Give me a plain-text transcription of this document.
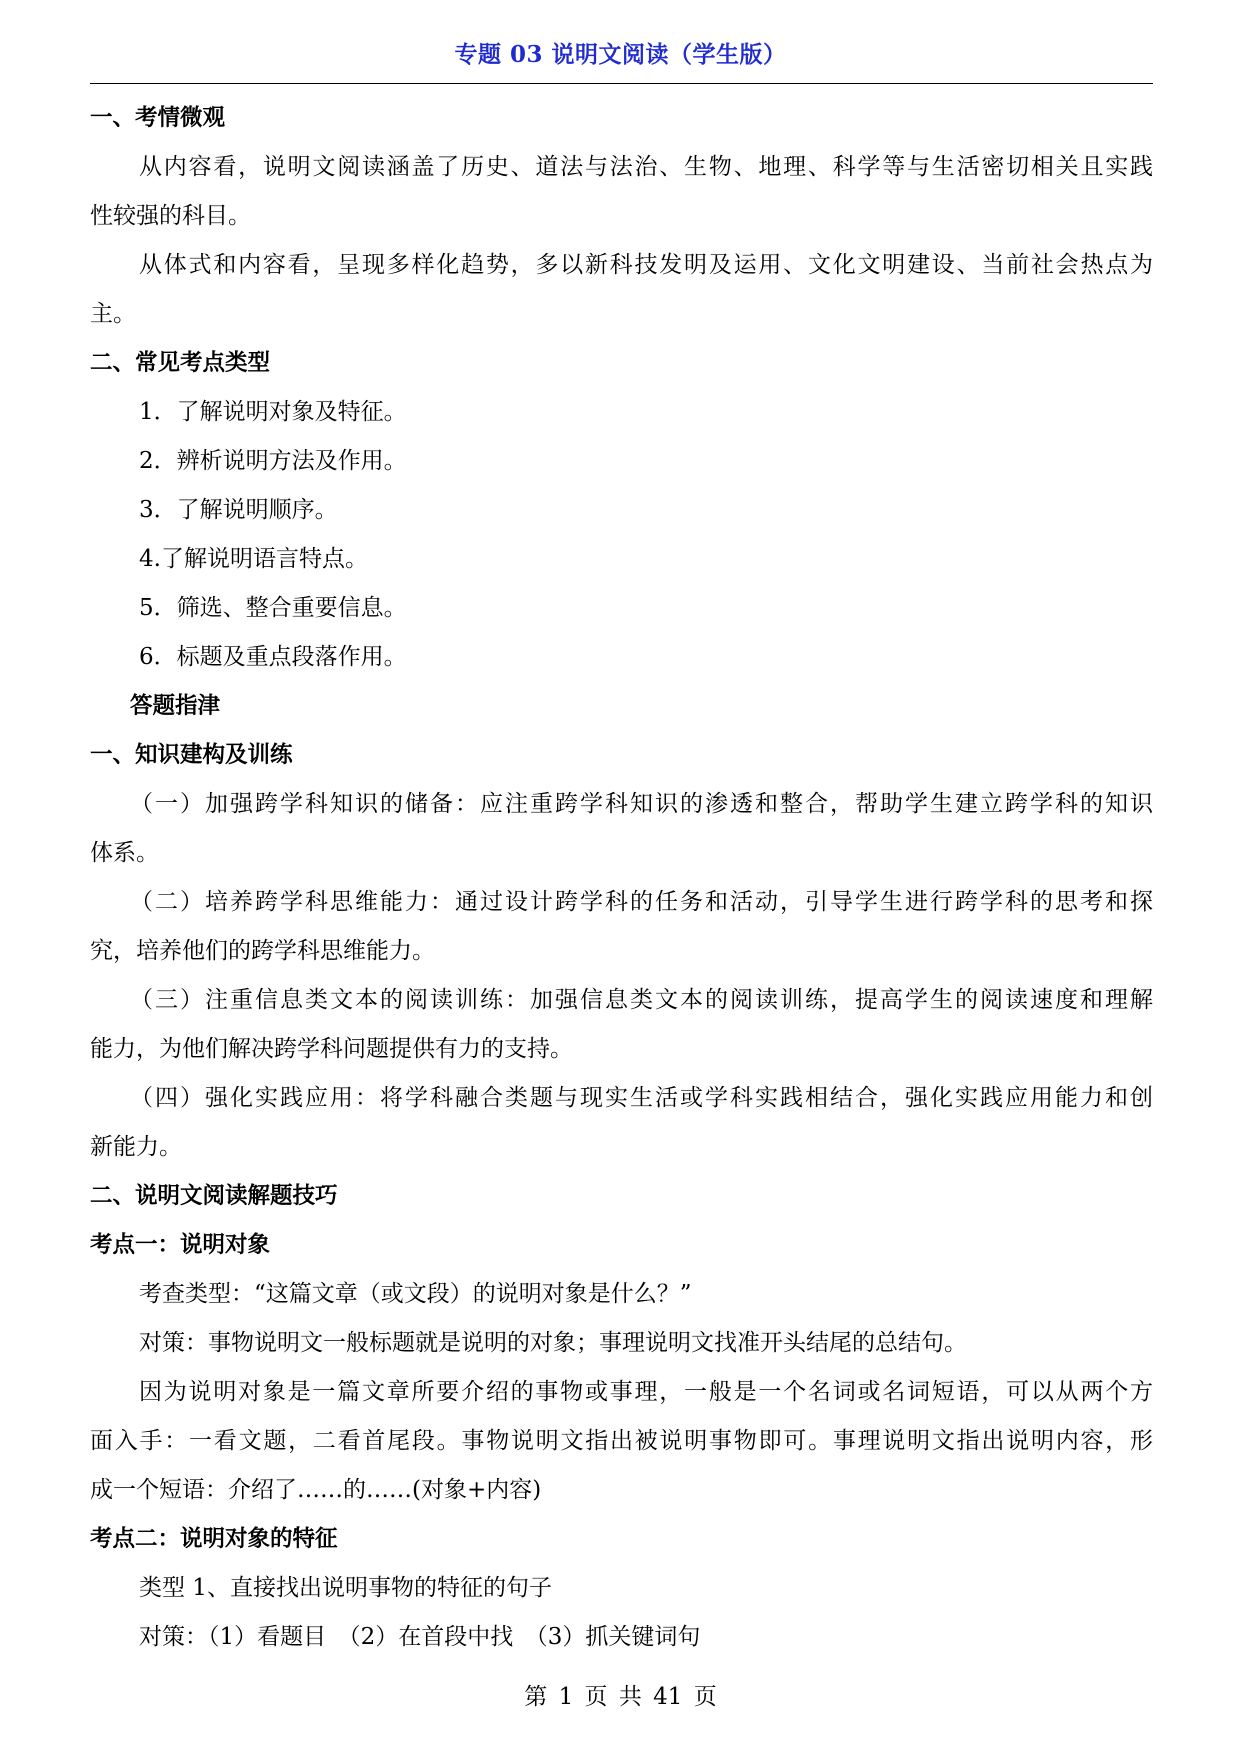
专题 03 说明文阅读（学生版）
一、考情微观
从内容看，说明文阅读涵盖了历史、道法与法治、生物、地理、科学等与生活密切相关且实践
性较强的科目。
从体式和内容看，呈现多样化趋势，多以新科技发明及运用、文化文明建设、当前社会热点为
主。
二、常见考点类型
1．了解说明对象及特征。
2．辨析说明方法及作用。
3．了解说明顺序。
4.了解说明语言特点。
5．筛选、整合重要信息。
6．标题及重点段落作用。
答题指津
一、知识建构及训练
（一）加强跨学科知识的储备：应注重跨学科知识的渗透和整合，帮助学生建立跨学科的知识
体系。
（二）培养跨学科思维能力：通过设计跨学科的任务和活动，引导学生进行跨学科的思考和探
究，培养他们的跨学科思维能力。
（三）注重信息类文本的阅读训练：加强信息类文本的阅读训练，提高学生的阅读速度和理解
能力，为他们解决跨学科问题提供有力的支持。
（四）强化实践应用：将学科融合类题与现实生活或学科实践相结合，强化实践应用能力和创
新能力。
二、说明文阅读解题技巧
考点一：说明对象
考查类型：“这篇文章（或文段）的说明对象是什么？”
对策：事物说明文一般标题就是说明的对象；事理说明文找准开头结尾的总结句。
因为说明对象是一篇文章所要介绍的事物或事理，一般是一个名词或名词短语，可以从两个方
面入手：一看文题，二看首尾段。事物说明文指出被说明事物即可。事理说明文指出说明内容，形
成一个短语：介绍了……的……(对象+内容)
考点二：说明对象的特征
类型 1、直接找出说明事物的特征的句子
对策：（1）看题目　（2）在首段中找　（3）抓关键词句
第 1 页 共 41 页
